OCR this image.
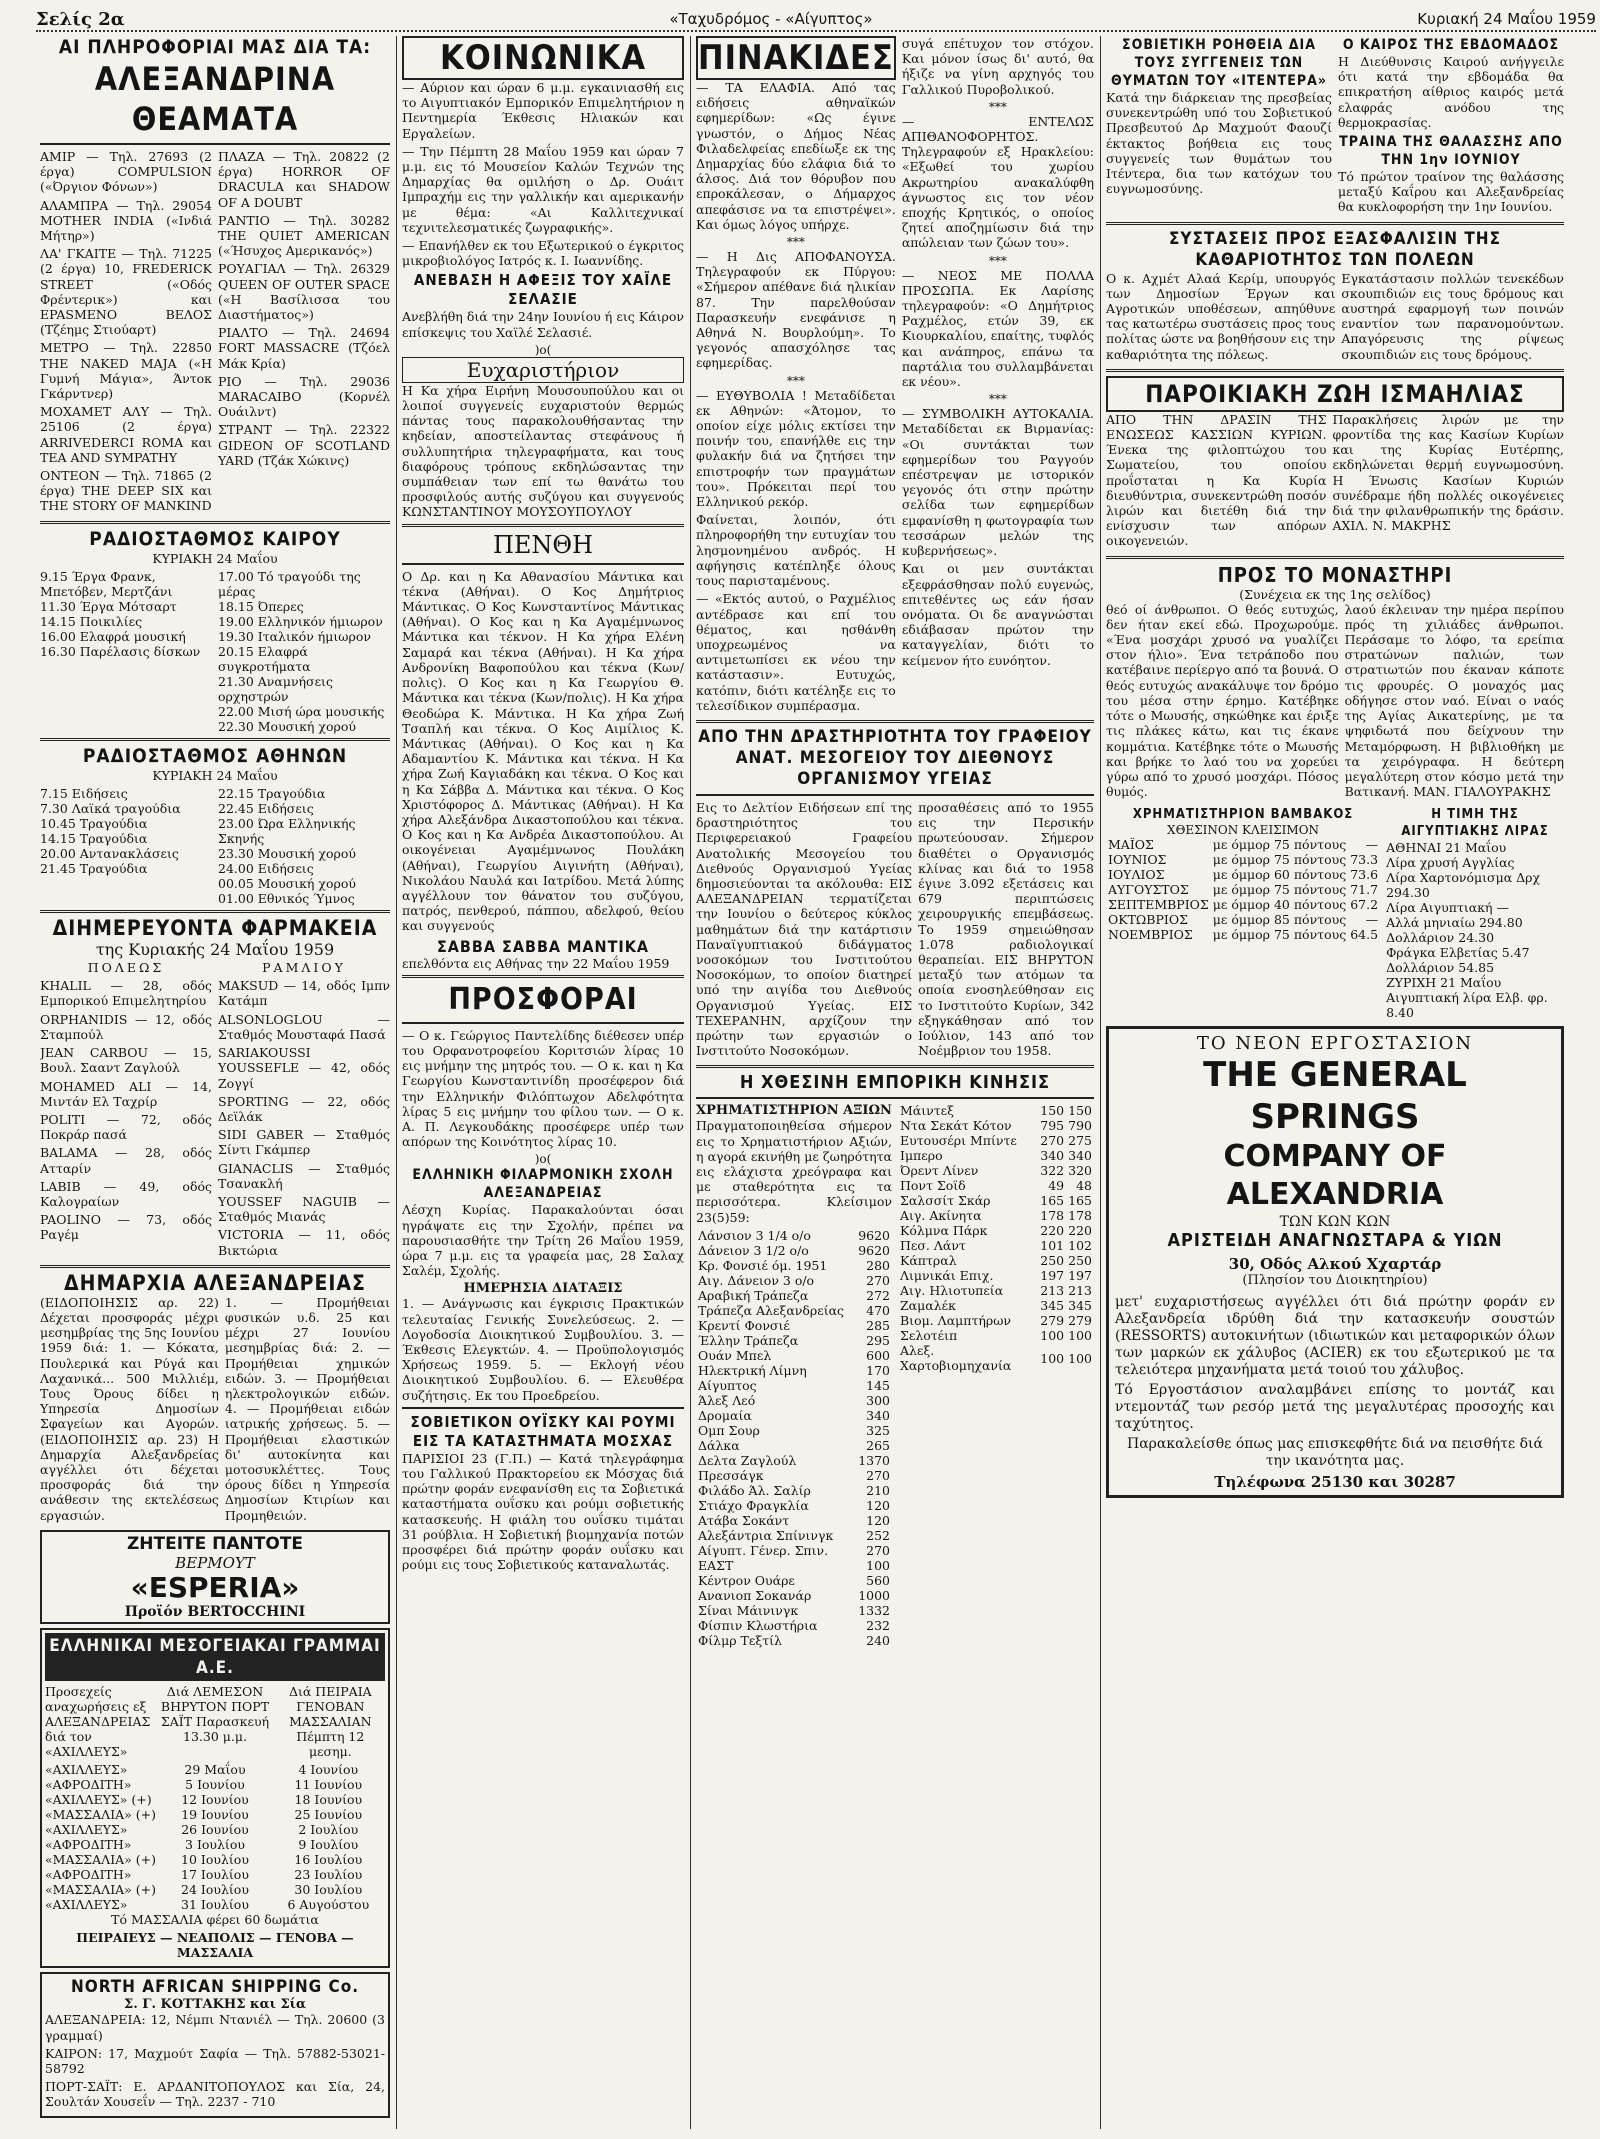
Σελίς 2α	«Ταχυδρόμος - «Αίγυπτος»	Κυριακή 24 Μαΐου 1959
ΑΙ ΠΛΗΡΟΦΟΡΙΑΙ ΜΑΣ ΔΙΑ ΤΑ:
ΑΛΕΞΑΝΔΡΙΝΑ ΘΕΑΜΑΤΑ
ΑΜΙΡ — Τηλ. 27693 (2 έργα) COMPULSION («Όργιον Φόνων»)
ΑΛΑΜΠΡΑ — Τηλ. 29054 MOTHER INDIA («Ινδιά Μήτηρ»)
ΛΑ' ΓΚΑΙΤΕ — Τηλ. 71225 (2 έργα) 10, FREDERICK STREET («Οδός Φρέντερικ») και EPASMENO ΒΕΛΟΣ (Τζέημς Στιούαρτ)
ΜΕΤΡΟ — Τηλ. 22850 THE NAKED MAJA («Η Γυμνή Μάγια», Άντοκ Γκάρντνερ)
ΜΟΧΑΜΕΤ ΑΛΥ — Τηλ. 25106 (2 έργα) ARRIVEDERCI ROMA και TEA AND SYMPATHY
ΟΝΤΕΟΝ — Τηλ. 71865 (2 έργα) THE DEEP SIX και THE STORY OF MANKIND
ΠΛΑΖΑ — Τηλ. 20822 (2 έργα) HORROR OF DRACULA και SHADOW OF A DOUBT
ΡΑΝΤΙΟ — Τηλ. 30282 THE QUIET AMERICAN («Ήσυχος Αμερικανός»)
ΡΟΥΑΓΙΑΛ — Τηλ. 26329 QUEEN OF OUTER SPACE («Η Βασίλισσα του Διαστήματος»)
ΡΙΑΛΤΟ — Τηλ. 24694 FORT MASSACRE (Τζόελ Μάκ Κρία)
ΡΙΟ — Τηλ. 29036 MARACAIBO (Κορνέλ Ουάιλντ)
ΣΤΡΑΝΤ — Τηλ. 22322 GIDEON OF SCOTLAND YARD (Τζάκ Χώκινς)
ΡΑΔΙΟΣΤΑΘΜΟΣ ΚΑΙΡΟΥ
ΚΥΡΙΑΚΗ 24 Μαΐου
9.15 Έργα Φρανκ, Μπετόβεν, Μερτζάνι
11.30 Έργα Μότσαρτ
14.15 Ποικιλίες
16.00 Ελαφρά μουσική
16.30 Παρέλασις δίσκων
17.00 Τό τραγούδι της μέρας
18.15 Όπερες
19.00 Ελληνικόν ήμιωρον
19.30 Ιταλικόν ήμιωρον
20.15 Ελαφρά συγκροτήματα
21.30 Αναμνήσεις ορχηστρών
22.00 Μισή ώρα μουσικής
22.30 Μουσική χορού
ΡΑΔΙΟΣΤΑΘΜΟΣ ΑΘΗΝΩΝ
ΚΥΡΙΑΚΗ 24 Μαΐου
7.15 Ειδήσεις
7.30 Λαϊκά τραγούδια
10.45 Τραγούδια
14.15 Τραγούδια
20.00 Αντανακλάσεις
21.45 Τραγούδια
22.15 Τραγούδια
22.45 Ειδήσεις
23.00 Ώρα Ελληνικής Σκηνής
23.30 Μουσική χορού
24.00 Ειδήσεις
00.05 Μουσική χορού
01.00 Εθνικός Ύμνος
ΔΙΗΜΕΡΕΥΟΝΤΑ ΦΑΡΜΑΚΕΙΑ
της Κυριακής 24 Μαΐου 1959
ΠΟΛΕΩΣ
KHALIL — 28, οδός Εμπορικού Επιμελητηρίου
ORPHANIDIS — 12, οδός Σταμπούλ
JEAN CARBOU — 15, Βουλ. Σααντ Ζαγλούλ
MOHAMED ALI — 14, Μιντάν Ελ Ταχρίρ
POLITI — 72, οδός Ποκράρ πασά
BALAMA — 28, οδός Ατταρίν
LABIB — 49, οδός Καλογραίων
PAOLINO — 73, οδός Ραγέμ
ΡΑΜΛΙΟΥ
MAKSUD — 14, οδός Ιμπν Κατάμπ
ALSONLOGLOU — Σταθμός Μουσταφά Πασά
SARIAKOUSSI YOUSSEFLE — 42, οδός Ζογγί
SPORTING — 22, οδός Δεϊλάκ
SIDI GABER — Σταθμός Σίντι Γκάμπερ
GIANACLIS — Σταθμός Τσανακλή
YOUSSEF NAGUIB — Σταθμός Μιανάς
VICTORIA — 11, οδός Βικτώρια
ΔΗΜΑΡΧΙΑ ΑΛΕΞΑΝΔΡΕΙΑΣ

(ΕΙΔΟΠΟΙΗΣΙΣ αρ. 22) Δέχεται προσφοράς μέχρι μεσημβρίας της 5ης Ιουνίου 1959 διά: 1. — Κόκατα, Πουλερικά και Ρύγά και Λαχανικά... 500 Μιλλιέμ, Τους Όρους δίδει η Υπηρεσία Δημοσίων Σφαγείων και Αγορών. (ΕΙΔΟΠΟΙΗΣΙΣ αρ. 23) Η Δημαρχία Αλεξανδρείας αγγέλλει ότι δέχεται προσφοράς διά την ανάθεσιν της εκτελέσεως εργασιών.

1. — Προμήθειαι φυσικών υ.δ. 25 και μέχρι 27 Ιουνίου μεσημβρίας διά: 2. — Προμήθειαι χημικών ειδών. 3. — Προμήθειαι ηλεκτρολογικών ειδών. 4. — Προμήθειαι ειδών ιατρικής χρήσεως. 5. — Προμήθειαι ελαστικών δι' αυτοκίνητα και μοτοσυκλέττες. Τους όρους δίδει η Υπηρεσία Δημοσίων Κτιρίων και Προμηθειών.

ΖΗΤΕΙΤΕ ΠΑΝΤΟΤΕ
ΒΕΡΜΟΥΤ
«ESPERIA»
Προϊόν BERTOCCHINI
ΕΛΛΗΝΙΚΑΙ ΜΕΣΟΓΕΙΑΚΑΙ ΓΡΑΜΜΑΙ Α.Ε.
Προσεχείς αναχωρήσεις εξ ΑΛΕΞΑΝΔΡΕΙΑΣ διά τον «ΑΧΙΛΛΕΥΣ»
Διά ΛΕΜΕΣΟΝ ΒΗΡΥΤΟΝ ΠΟΡΤ ΣΑΪΤ Παρασκευή 13.30 μ.μ.
Διά ΠΕΙΡΑΙΑ ΓΕΝΟΒΑΝ ΜΑΣΣΑΛΙΑΝ Πέμπτη 12 μεσημ.
«ΑΧΙΛΛΕΥΣ»	29 Μαΐου	4 Ιουνίου
«ΑΦΡΟΔΙΤΗ»	5 Ιουνίου	11 Ιουνίου
«ΑΧΙΛΛΕΥΣ» (+)	12 Ιουνίου	18 Ιουνίου
«ΜΑΣΣΑΛΙΑ» (+)	19 Ιουνίου	25 Ιουνίου
«ΑΧΙΛΛΕΥΣ»	26 Ιουνίου	2 Ιουλίου
«ΑΦΡΟΔΙΤΗ»	3 Ιουλίου	9 Ιουλίου
«ΜΑΣΣΑΛΙΑ» (+)	10 Ιουλίου	16 Ιουλίου
«ΑΦΡΟΔΙΤΗ»	17 Ιουλίου	23 Ιουλίου
«ΜΑΣΣΑΛΙΑ» (+)	24 Ιουλίου	30 Ιουλίου
«ΑΧΙΛΛΕΥΣ»	31 Ιουλίου	6 Αυγούστου
Τό ΜΑΣΣΑΛΙΑ φέρει 60 δωμάτια
ΠΕΙΡΑΙΕΥΣ — ΝΕΑΠΟΛΙΣ — ΓΕΝΟΒΑ — ΜΑΣΣΑΛΙΑ
NORTH AFRICAN SHIPPING Co.
Σ. Γ. ΚΟΤΤΑΚΗΣ και Σία
ΑΛΕΞΑΝΔΡΕΙΑ: 12, Νέμπι Ντανιέλ — Τηλ. 20600 (3 γραμμαί)
ΚΑΙΡΟΝ: 17, Μαχμούτ Σαφία — Τηλ. 57882-53021-58792
ΠΟΡΤ-ΣΑΪΤ: Ε. ΑΡΔΑΝΙΤΟΠΟΥΛΟΣ και Σία, 24, Σουλτάν Χουσεΐν — Τηλ. 2237 - 710
ΚΟΙΝΩΝΙΚΑ

— Αύριον και ώραν 6 μ.μ. εγκαινιασθή εις το Αιγυπτιακόν Εμπορικόν Επιμελητήριον η Πεντημερία Έκθεσις Ηλιακών και Εργαλείων.

— Την Πέμπτη 28 Μαΐου 1959 και ώραν 7 μ.μ. εις τό Μουσείον Καλών Τεχνών της Δημαρχίας θα ομιλήση ο Δρ. Ουάιτ Ιμπραχήμ εις την γαλλικήν και αμερικανήν με θέμα: «Αι Καλλιτεχνικαί τεχνιτελεσματικές ζωγραφικής».

— Επανήλθεν εκ του Εξωτερικού ο έγκριτος μικροβιολόγος Ιατρός κ. Ι. Ιωαννίδης.

ΑΝΕΒΑΣΗ Η ΑΦΕΞΙΣ ΤΟΥ ΧΑΪΛΕ ΣΕΛΑΣΙΕ

Ανεβλήθη διά την 24ην Ιουνίου ή εις Κάιρον επίσκεψις του Χαϊλέ Σελασιέ.

)o(
Ευχαριστήριον

Η Κα χήρα Ειρήνη Μουσουπούλου και οι λοιποί συγγενείς ευχαριστούν θερμώς πάντας τους παρακολουθήσαντας την κηδείαν, αποστείλαντας στεφάνους ή συλλυπητήρια τηλεγραφήματα, και τους διαφόρους τρόπους εκδηλώσαντας την συμπάθειαν των επί τω θανάτω του προσφιλούς αυτής συζύγου και συγγενούς ΚΩΝΣΤΑΝΤΙΝΟΥ ΜΟΥΣΟΥΠΟΥΛΟΥ

ΠΕΝΘΗ

Ο Δρ. και η Κα Αθανασίου Μάντικα και τέκνα (Αθήναι). Ο Κος Δημήτριος Μάντικας. Ο Κος Κωνσταντίνος Μάντικας (Αθήναι). Ο Κος και η Κα Αγαμέμνωνος Μάντικα και τέκνον. Η Κα χήρα Ελένη Σαμαρά και τέκνα (Αθήναι). Η Κα χήρα Ανδρονίκη Βαφοπούλου και τέκνα (Κων/πολις). Ο Κος και η Κα Γεωργίου Θ. Μάντικα και τέκνα (Κων/πολις). Η Κα χήρα Θεοδώρα Κ. Μάντικα. Η Κα χήρα Ζωή Τσαπλή και τέκνα. Ο Κος Αιμίλιος Κ. Μάντικας (Αθήναι). Ο Κος και η Κα Αδαμαντίου Κ. Μάντικα και τέκνα. Η Κα χήρα Ζωή Καγιαδάκη και τέκνα. Ο Κος και η Κα Σάββα Δ. Μάντικα και τέκνα. Ο Κος Χριστόφορος Δ. Μάντικας (Αθήναι). Η Κα χήρα Αλεξάνδρα Δικαστοπούλου και τέκνα. Ο Κος και η Κα Ανδρέα Δικαστοπούλου. Αι οικογένειαι Αγαμέμνωνος Πουλάκη (Αθήναι), Γεωργίου Αιγινήτη (Αθήναι), Νικολάου Ναυλά και Ιατρίδου. Μετά λύπης αγγέλλουν τον θάνατον του συζύγου, πατρός, πενθερού, πάππου, αδελφού, θείου και συγγενούς

ΣΑΒΒΑ ΣΑΒΒΑ ΜΑΝΤΙΚΑ

επελθόντα εις Αθήνας την 22 Μαΐου 1959

ΠΡΟΣΦΟΡΑΙ

— Ο κ. Γεώργιος Παντελίδης διέθεσεν υπέρ του Ορφανοτροφείου Κοριτσιών λίρας 10 εις μνήμην της μητρός του. — Ο κ. και η Κα Γεωργίου Κωνσταντινίδη προσέφερον διά την Ελληνικήν Φιλόπτωχον Αδελφότητα λίρας 5 εις μνήμην του φίλου των. — Ο κ. Α. Π. Λεγκουδάκης προσέφερε υπέρ των απόρων της Κοινότητος λίρας 10.

)o(
ΕΛΛΗΝΙΚΗ ΦΙΛΑΡΜΟΝΙΚΗ ΣΧΟΛΗ ΑΛΕΞΑΝΔΡΕΙΑΣ

Λέσχη Κυρίας. Παρακαλούνται όσαι ηγράψατε εις την Σχολήν, πρέπει να παρουσιασθήτε την Τρίτη 26 Μαΐου 1959, ώρα 7 μ.μ. εις τα γραφεία μας, 28 Σαλαχ Σαλέμ, Σχολής.

ΗΜΕΡΗΣΙΑ ΔΙΑΤΑΞΙΣ

1. — Ανάγνωσις και έγκρισις Πρακτικών τελευταίας Γενικής Συνελεύσεως. 2. — Λογοδοσία Διοικητικού Συμβουλίου. 3. — Έκθεσις Ελεγκτών. 4. — Προϋπολογισμός Χρήσεως 1959. 5. — Εκλογή νέου Διοικητικού Συμβουλίου. 6. — Ελευθέρα συζήτησις. Εκ του Προεδρείου.

ΣΟΒΙΕΤΙΚΟΝ ΟΥΪΣΚΥ ΚΑΙ ΡΟΥΜΙ ΕΙΣ ΤΑ ΚΑΤΑΣΤΗΜΑΤΑ ΜΟΣΧΑΣ

ΠΑΡΙΣΙΟΙ 23 (Γ.Π.) — Κατά τηλεγράφημα του Γαλλικού Πρακτορείου εκ Μόσχας διά πρώτην φοράν ενεφανίσθη εις τα Σοβιετικά καταστήματα ουΐσκυ και ρούμι σοβιετικής κατασκευής. Η φιάλη του ουΐσκυ τιμάται 31 ρούβλια. Η Σοβιετική βιομηχανία ποτών προσφέρει διά πρώτην φοράν ουΐσκυ και ρούμι εις τους Σοβιετικούς καταναλωτάς.

ΠΙΝΑΚΙΔΕΣ

— ΤΑ ΕΛΑΦΙΑ. Από τας ειδήσεις αθηναϊκών εφημερίδων: «Ως έγινε γνωστόν, ο Δήμος Νέας Φιλαδελφείας επεδίωξε εκ της Δημαρχίας δύο ελάφια διά το άλσος. Διά τον θόρυβον που επροκάλεσαν, ο Δήμαρχος απεφάσισε να τα επιστρέψει». Και όμως λόγος υπήρχε.

***

— Η Δις ΑΠΟΦΑΝΟΥΣΑ. Τηλεγραφούν εκ Πύργου: «Σήμερον απέθανε διά ηλικίαν 87. Την παρελθούσαν Παρασκευήν ενεφάνισε η Αθηνά Ν. Βουρλούμη». Το γεγονός απασχόλησε τας εφημερίδας.

***

— ΕΥΘΥΒΟΛΙΑ ! Μεταδίδεται εκ Αθηνών: «Άτομον, το οποίον είχε μόλις εκτίσει την ποινήν του, επανήλθε εις την φυλακήν διά να ζητήσει την επιστροφήν των πραγμάτων του». Πρόκειται περί του Ελληνικού ρεκόρ.

Φαίνεται, λοιπόν, ότι πληροφορήθη την ευτυχίαν του λησμονημένου ανδρός. Η αφήγησις κατέπληξε όλους τους παρισταμένους.

— «Εκτός αυτού, ο Ραχμέλιος αντέδρασε και επί του θέματος, και ησθάνθη υποχρεωμένος να αντιμετωπίσει εκ νέου την κατάστασιν». Ευτυχώς, κατόπιν, διότι κατέληξε εις το τελεσίδικον συμπέρασμα.

συγά επέτυχον τον στόχον. Και μόνον ίσως δι' αυτό, θα ήξιζε να γίνη αρχηγός του Γαλλικού Πυροβολικού.

***

— ΕΝΤΕΛΩΣ ΑΠΙΘΑΝΟΦΟΡΗΤΟΣ. Τηλεγραφούν εξ Ηρακλείου: «Εξωθεί του χωρίου Ακρωτηρίου ανακαλύφθη άγνωστος εις τον νέον εποχής Κρητικός, ο οποίος ζητεί αποζημίωσιν διά την απώλειαν των ζώων του».

***

— ΝΕΟΣ ΜΕ ΠΟΛΛΑ ΠΡΟΣΩΠΑ. Εκ Λαρίσης τηλεγραφούν: «Ο Δημήτριος Ραχμέλος, ετών 39, εκ Κιουρκαλίου, επαίτης, τυφλός και ανάπηρος, επάνω τα παρτάλια του συλλαμβάνεται εκ νέου».

***

— ΣΥΜΒΟΛΙΚΗ ΑΥΤΟΚΑΛΙΑ. Μεταδίδεται εκ Βιρμανίας: «Οι συντάκται των εφημερίδων του Ραγγούν επέστρεψαν με ιστορικόν γεγονός ότι στην πρώτην σελίδα των εφημερίδων εμφανίσθη η φωτογραφία των τεσσάρων μελών της κυβερνήσεως».

Και οι μεν συντάκται εξεφράσθησαν πολύ ευγενώς, επιτεθέντες ως εάν ήσαν ονόματα. Οι δε αναγνώσται εδιάβασαν πρώτον την καταγγελίαν, διότι το κείμενον ήτο ευνόητον.

ΑΠΟ ΤΗΝ ΔΡΑΣΤΗΡΙΟΤΗΤΑ ΤΟΥ ΓΡΑΦΕΙΟΥ ΑΝΑΤ. ΜΕΣΟΓΕΙΟΥ ΤΟΥ ΔΙΕΘΝΟΥΣ ΟΡΓΑΝΙΣΜΟΥ ΥΓΕΙΑΣ

Εις το Δελτίον Ειδήσεων επί της δραστηριότητος του Περιφερειακού Γραφείου Ανατολικής Μεσογείου του Διεθνούς Οργανισμού Υγείας δημοσιεύονται τα ακόλουθα: ΕΙΣ ΑΛΕΞΑΝΔΡΕΙΑΝ τερματίζεται την Ιουνίου ο δεύτερος κύκλος μαθημάτων διά την κατάρτισιν Παναϊγυπτιακού διδάγματος νοσοκόμων του Ινστιτούτου Νοσοκόμων, το οποίον διατηρεί υπό την αιγίδα του Διεθνούς Οργανισμού Υγείας. ΕΙΣ ΤΕΧΕΡΑΝΗΝ, αρχίζουν την πρώτην των εργασιών ο Ινστιτούτο Νοσοκόμων.

προσαθέσεις από το 1955 εις την Περσικήν πρωτεύουσαν. Σήμερον διαθέτει ο Οργανισμός κλίνας και διά το 1958 έγινε 3.092 εξετάσεις και 679 περιπτώσεις χειρουργικής επεμβάσεως. Το 1959 σημειώθησαν 1.078 ραδιολογικαί θεραπείαι. ΕΙΣ ΒΗΡΥΤΟΝ μεταξύ των ατόμων τα οποία ενοσηλεύθησαν εις το Ινστιτούτο Κυρίων, 342 εξηγκάθησαν από τον Ιούλιον, 143 από τον Νοέμβριον του 1958.

Η ΧΘΕΣΙΝΗ ΕΜΠΟΡΙΚΗ ΚΙΝΗΣΙΣ
ΧΡΗΜΑΤΙΣΤΗΡΙΟΝ ΑΞΙΩΝ

Πραγματοποιηθείσα σήμερον εις το Χρηματιστήριον Αξιών, η αγορά εκινήθη με ζωηρότητα εις ελάχιστα χρεόγραφα και με σταθερότητα εις τα περισσότερα. Κλείσιμον 23(5)59:

Λάνσιον 3 1/4 ο/ο	9620
Δάνειον 3 1/2 ο/ο	9620
Κρ. Φονσιέ όμ. 1951	280
Αιγ. Δάνειον 3 ο/ο	270
Αραβική Τράπεζα	272
Τράπεζα Αλεξανδρείας	470
Κρεντί Φονσιέ	285
Έλλην Τράπεζα	295
Ουάν Μπελ	600
Ηλεκτρική Λίμνη	170
Αίγυπτος	145
Άλεξ Λεό	300
Δρομαία	340
Ομπ Σουρ	325
Δάλκα	265
Δελτα Ζαγλούλ	1370
Πρεσσάγκ	270
Φιλάδο Άλ. Σαλίρ	210
Στιάχο Φραγκλία	120
Ατάβα Σοκάντ	120
Αλεξάντρια Σπίνινγκ	252
Αίγυπτ. Γένερ. Σπιν.	270
ΕΑΣΤ	100
Κέντρον Ουάρε	560
Ανανιοπ Σοκανάρ	1000
Σίναι Μάινινγκ	1332
Φίσπιν Κλωστήρια	232
Φίλμρ Τεξτίλ	240
Μάιντεξ	150	150
Ντα Σεκάτ Κότον	795	790
Ευτουσέρι Μπίντε	270	275
Ιμπερο	340	340
Όρεντ Λίνεν	322	320
Ποντ Σοϊδ	49	48
Σαλσσίτ Σκάρ	165	165
Αιγ. Ακίνητα	178	178
Κόλμνα Πάρκ	220	220
Πεσ. Λάντ	101	102
Κάπτραλ	250	250
Λιμνικάι Επιχ.	197	197
Αιγ. Ηλιοτυπεία	213	213
Ζαμαλέκ	345	345
Βιομ. Λαμπτήρων	279	279
Σελοτέιπ	100	100
Αλεξ. Χαρτοβιομηχανία	100	100
ΣΟΒΙΕΤΙΚΗ ΡΟΗΘΕΙΑ ΔΙΑ ΤΟΥΣ ΣΥΓΓΕΝΕΙΣ ΤΩΝ ΘΥΜΑΤΩΝ ΤΟΥ «ΙΤΕΝΤΕΡΑ»

Κατά την διάρκειαν της πρεσβείας συνεκεντρώθη υπό του Σοβιετικού Πρεσβευτού Δρ Μαχμούτ Φαουζί έκτακτος βοήθεια εις τους συγγενείς των θυμάτων του Ιτέντερα, δια των κατόχων του ευγνωμοσύνης.

Ο ΚΑΙΡΟΣ ΤΗΣ ΕΒΔΟΜΑΔΟΣ

Η Διεύθυνσις Καιρού ανήγγειλε ότι κατά την εβδομάδα θα επικρατήση αίθριος καιρός μετά ελαφράς ανόδου της θερμοκρασίας.

ΤΡΑΙΝΑ ΤΗΣ ΘΑΛΑΣΣΗΣ ΑΠΟ ΤΗΝ 1ην ΙΟΥΝΙΟΥ

Τό πρώτον τραίνον της θαλάσσης μεταξύ Καΐρου και Αλεξανδρείας θα κυκλοφορήση την 1ην Ιουνίου.

ΣΥΣΤΑΣΕΙΣ ΠΡΟΣ ΕΞΑΣΦΑΛΙΣΙΝ ΤΗΣ ΚΑΘΑΡΙΟΤΗΤΟΣ ΤΩΝ ΠΟΛΕΩΝ

Ο κ. Αχμέτ Αλαά Κερίμ, υπουργός των Δημοσίων Έργων και Αγροτικών υποθέσεων, απηύθυνε τας κατωτέρω συστάσεις προς τους πολίτας ώστε να βοηθήσουν εις την καθαριότητα της πόλεως.

Εγκατάστασιν πολλών τενεκέδων σκουπιδιών εις τους δρόμους και αυστηρά εφαρμογή των ποινών εναντίον των παρανομούντων. Απαγόρευσις της ρίψεως σκουπιδιών εις τους δρόμους.

ΠΑΡΟΙΚΙΑΚΗ ΖΩΗ ΙΣΜΑΗΛΙΑΣ

ΑΠΟ ΤΗΝ ΔΡΑΣΙΝ ΤΗΣ ΕΝΩΣΕΩΣ ΚΑΣΣΙΩΝ ΚΥΡΙΩΝ. Ένεκα της φιλοπτώχου του Σωματείου, του οποίου προΐσταται η Κα Κυρία διευθύντρια, συνεκεντρώθη ποσόν λιρών και διετέθη διά την ενίσχυσιν των απόρων οικογενειών.

Παρακλήσεις λιρών με την φροντίδα της κας Κασίων Κυρίων και της Κυρίας Ευτέρπης, εκδηλώνεται θερμή ευγνωμοσύνη. Η Ένωσις Κασίων Κυριών συνέδραμε ήδη πολλές οικογένειες διά την φιλανθρωπικήν της δράσιν. ΑΧΙΛ. Ν. ΜΑΚΡΗΣ

ΠΡΟΣ ΤΟ ΜΟΝΑΣΤΗΡΙ
(Συνέχεια εκ της 1ης σελίδος)

θεό οί άνθρωποι. Ο θεός ευτυχώς, δεν ήταν εκεί εδώ. Προχωρούμε. «Ένα μοσχάρι χρυσό να γυαλίζει στον ήλιο». Ένα τετράποδο που κατέβαινε περίεργο από τα βουνά. Ο θεός ευτυχώς ανακάλυψε τον δρόμο του μέσα στην έρημο. Κατέβηκε τότε ο Μωυσής, σηκώθηκε και έριξε τις πλάκες κάτω, και τις έκανε κομμάτια. Κατέβηκε τότε ο Μωυσής και βρήκε το λαό του να χορεύει γύρω από το χρυσό μοσχάρι. Πόσος θυμός.

λαού έκλειναν την ημέρα περίπου πρός τη χιλιάδες άνθρωποι. Περάσαμε το λόφο, τα ερείπια στρατώνων παλιών, των στρατιωτών που έκαναν κάποτε τις φρουρές. Ο μοναχός μας οδήγησε στον ναό. Είναι ο ναός της Αγίας Αικατερίνης, με τα ψηφιδωτά που δείχνουν την Μεταμόρφωση. Η βιβλιοθήκη με τα χειρόγραφα. Η δεύτερη μεγαλύτερη στον κόσμο μετά την Βατικανή. ΜΑΝ. ΓΙΑΛΟΥΡΑΚΗΣ

ΧΡΗΜΑΤΙΣΤΗΡΙΟΝ ΒΑΜΒΑΚΟΣ
ΧΘΕΣΙΝΟΝ ΚΛΕΙΣΙΜΟΝ
ΜΑΪΟΣ	με όμμορ 75 πόντους	—
ΙΟΥΝΙΟΣ	με όμμορ 75 πόντους	73.3
ΙΟΥΛΙΟΣ	με όμμορ 60 πόντους	73.6
ΑΥΓΟΥΣΤΟΣ	με όμμορ 75 πόντους	71.7
ΣΕΠΤΕΜΒΡΙΟΣ	με όμμορ 40 πόντους	67.2
ΟΚΤΩΒΡΙΟΣ	με όμμορ 85 πόντους	—
ΝΟΕΜΒΡΙΟΣ	με όμμορ 75 πόντους	64.5
Η ΤΙΜΗ ΤΗΣ ΑΙΓΥΠΤΙΑΚΗΣ ΛΙΡΑΣ
ΑΘΗΝΑΙ 21 Μαΐου
Λίρα χρυσή Αγγλίας
Λίρα Χαρτονόμισμα Δρχ 294.30
Λίρα Αιγυπτιακή —
Αλλά μηνιαίω 294.80
Δολλάριον 24.30
Φράγκα Ελβετίας 5.47
Δολλάριον 54.85
ΖΥΡΙΧΗ 21 Μαΐου
Αιγυπτιακή λίρα Ελβ. φρ. 8.40
ΤΟ ΝΕΟΝ ΕΡΓΟΣΤΑΣΙΟΝ
THE GENERAL SPRINGS
COMPANY OF ALEXANDRIA
ΤΩΝ ΚΩΝ ΚΩΝ
ΑΡΙΣΤΕΙΔΗ ΑΝΑΓΝΩΣΤΑΡΑ & ΥΙΩΝ
30, Οδός Αλκού Χχαρτάρ
(Πλησίον του Διοικητηρίου)

μετ' ευχαριστήσεως αγγέλλει ότι διά πρώτην φοράν εν Αλεξανδρεία ιδρύθη διά την κατασκευήν σουστών (RESSORTS) αυτοκινήτων (ιδιωτικών και μεταφορικών όλων των μαρκών εκ χάλυβος (ACIER) εκ του εξωτερικού με τα τελειότερα μηχανήματα μετά τοιού του χάλυβος.

Τό Εργοστάσιον αναλαμβάνει επίσης το μοντάζ και ντεμοντάζ των ρεσόρ μετά της μεγαλυτέρας προσοχής και ταχύτητος.

Παρακαλείσθε όπως μας επισκεφθήτε διά να πεισθήτε διά την ικανότητα μας.

Τηλέφωνα 25130 και 30287
